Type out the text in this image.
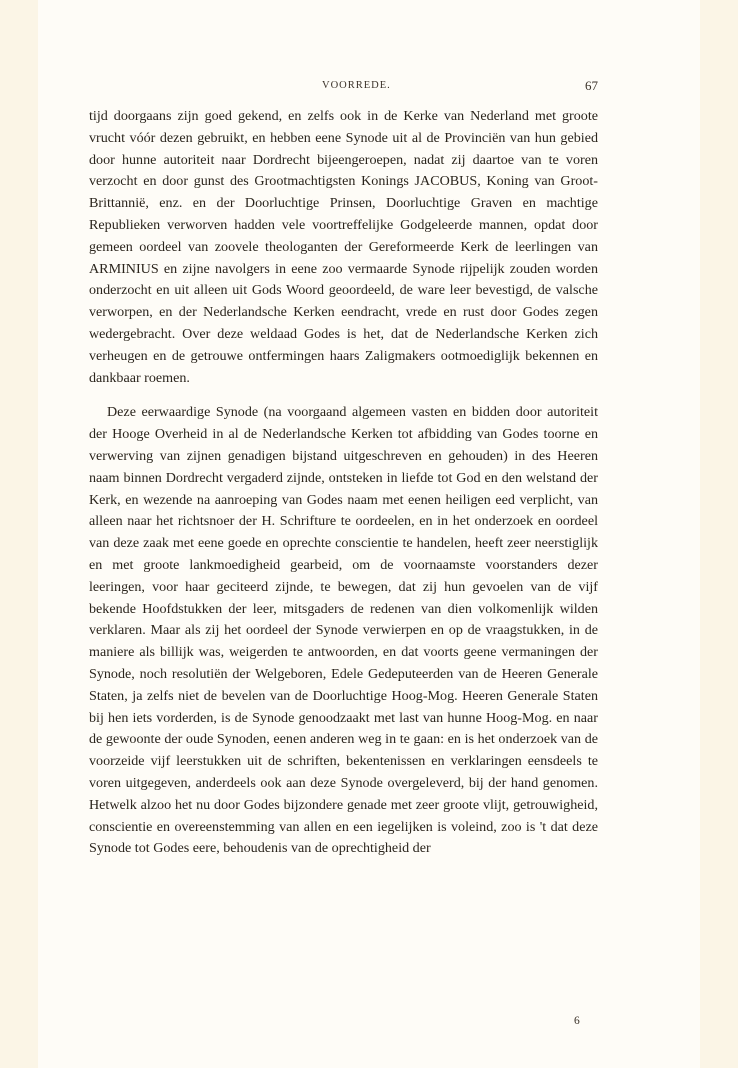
VOORREDE.	67

tijd doorgaans zijn goed gekend, en zelfs ook in de Kerke van Nederland met groote vrucht vóór dezen gebruikt, en hebben eene Synode uit al de Provinciën van hun gebied door hunne autoriteit naar Dordrecht bijeengeroepen, nadat zij daartoe van te voren verzocht en door gunst des Grootmachtigsten Konings JACOBUS, Koning van Groot-Brittannië, enz. en der Doorluchtige Prinsen, Doorluchtige Graven en machtige Republieken verworven hadden vele voortreffelijke Godgeleerde mannen, opdat door gemeen oordeel van zoovele theologanten der Gereformeerde Kerk de leerlingen van ARMINIUS en zijne navolgers in eene zoo vermaarde Synode rijpelijk zouden worden onderzocht en uit alleen uit Gods Woord geoordeeld, de ware leer bevestigd, de valsche verworpen, en der Nederlandsche Kerken eendracht, vrede en rust door Godes zegen wedergebracht. Over deze weldaad Godes is het, dat de Nederlandsche Kerken zich verheugen en de getrouwe ontfermingen haars Zaligmakers ootmoediglijk bekennen en dankbaar roemen.

Deze eerwaardige Synode (na voorgaand algemeen vasten en bidden door autoriteit der Hooge Overheid in al de Nederlandsche Kerken tot afbidding van Godes toorne en verwerving van zijnen genadigen bijstand uitgeschreven en gehouden) in des Heeren naam binnen Dordrecht vergaderd zijnde, ontsteken in liefde tot God en den welstand der Kerk, en wezende na aanroeping van Godes naam met eenen heiligen eed verplicht, van alleen naar het richtsnoer der H. Schrifture te oordeelen, en in het onderzoek en oordeel van deze zaak met eene goede en oprechte conscientie te handelen, heeft zeer neerstiglijk en met groote lankmoedigheid gearbeid, om de voornaamste voorstanders dezer leeringen, voor haar geciteerd zijnde, te bewegen, dat zij hun gevoelen van de vijf bekende Hoofdstukken der leer, mitsgaders de redenen van dien volkomenlijk wilden verklaren. Maar als zij het oordeel der Synode verwierpen en op de vraagstukken, in de maniere als billijk was, weigerden te antwoorden, en dat voorts geene vermaningen der Synode, noch resolutiën der Welgeboren, Edele Gedeputeerden van de Heeren Generale Staten, ja zelfs niet de bevelen van de Doorluchtige Hoog-Mog. Heeren Generale Staten bij hen iets vorderden, is de Synode genoodzaakt met last van hunne Hoog-Mog. en naar de gewoonte der oude Synoden, eenen anderen weg in te gaan: en is het onderzoek van de voorzeide vijf leerstukken uit de schriften, bekentenissen en verklaringen eensdeels te voren uitgegeven, anderdeels ook aan deze Synode overgeleverd, bij der hand genomen. Hetwelk alzoo het nu door Godes bijzondere genade met zeer groote vlijt, getrouwigheid, conscientie en overeenstemming van allen en een iegelijken is voleind, zoo is 't dat deze Synode tot Godes eere, behoudenis van de oprechtigheid der

6
